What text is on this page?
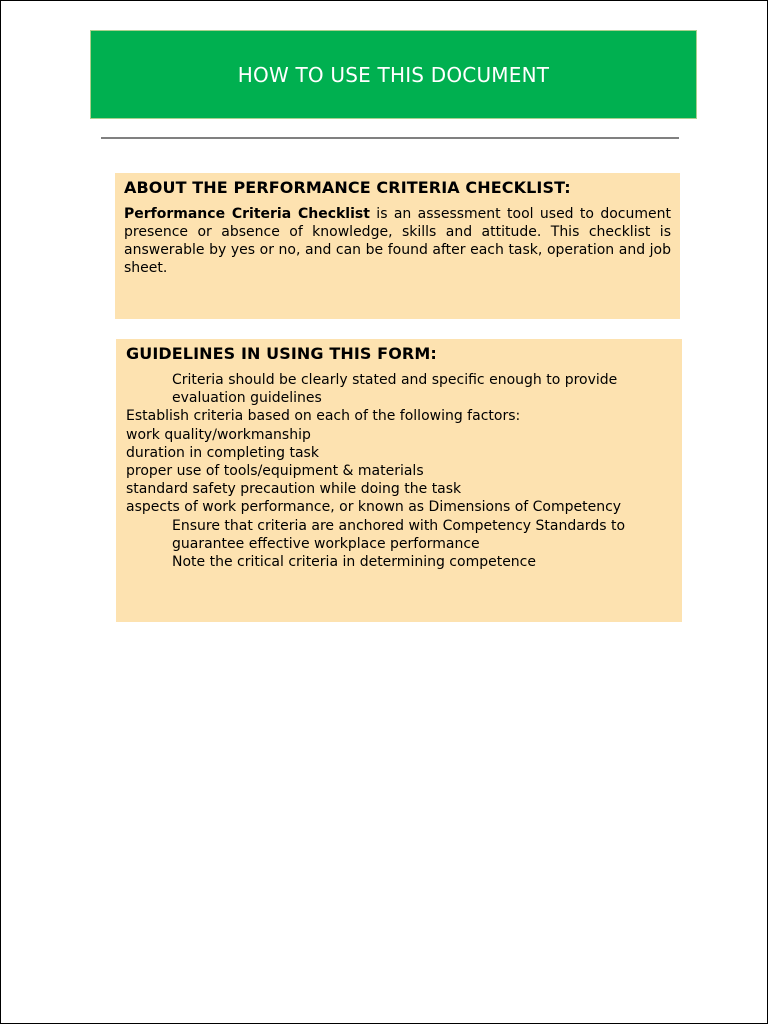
HOW TO USE THIS DOCUMENT
ABOUT THE PERFORMANCE CRITERIA CHECKLIST:

Performance Criteria Checklist is an assessment tool used to document presence or absence of knowledge, skills and attitude. This checklist is answerable by yes or no, and can be found after each task, operation and job sheet.

GUIDELINES IN USING THIS FORM:

Criteria should be clearly stated and specific enough to provide

evaluation guidelines

Establish criteria based on each of the following factors:

work quality/workmanship

duration in completing task

proper use of tools/equipment & materials

standard safety precaution while doing the task

aspects of work performance, or known as Dimensions of Competency

Ensure that criteria are anchored with Competency Standards to

guarantee effective workplace performance

Note the critical criteria in determining competence
